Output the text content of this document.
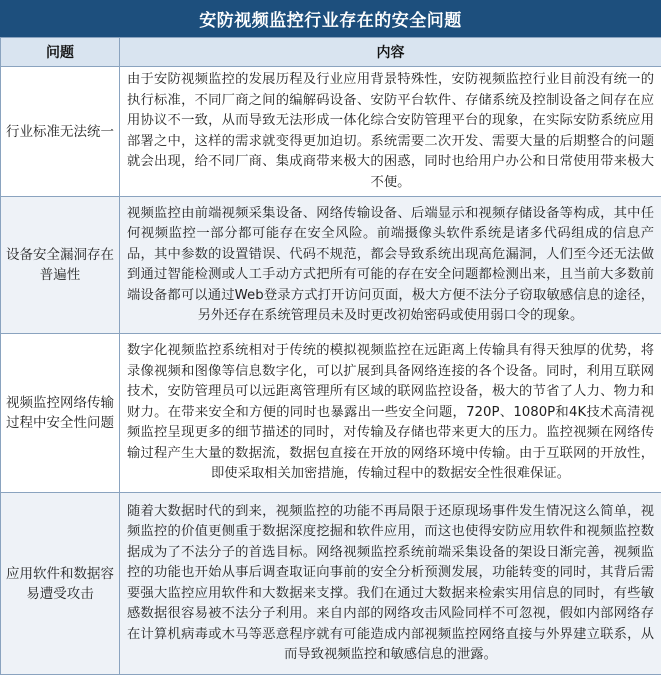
安防视频监控行业存在的安全问题
问题	内容
行业标准无法统一	由于安防视频监控的发展历程及行业应用背景特殊性，安防视频监控行业目前没有统一的执行标准，不同厂商之间的编解码设备、安防平台软件、存储系统及控制设备之间存在应用协议不一致，从而导致无法形成一体化综合安防管理平台的现象，在实际安防系统应用部署之中，这样的需求就变得更加迫切。系统需要二次开发、需要大量的后期整合的问题就会出现，给不同厂商、集成商带来极大的困惑，同时也给用户办公和日常使用带来极大不便。
设备安全漏洞存在普遍性	视频监控由前端视频采集设备、网络传输设备、后端显示和视频存储设备等构成，其中任何视频监控一部分都可能存在安全风险。前端摄像头软件系统是诸多代码组成的信息产品，其中参数的设置错误、代码不规范，都会导致系统出现高危漏洞，人们至今还无法做到通过智能检测或人工手动方式把所有可能的存在安全问题都检测出来，且当前大多数前端设备都可以通过Web登录方式打开访问页面，极大方便不法分子窃取敏感信息的途径，另外还存在系统管理员未及时更改初始密码或使用弱口令的现象。
视频监控网络传输过程中安全性问题	数字化视频监控系统相对于传统的模拟视频监控在远距离上传输具有得天独厚的优势，将录像视频和图像等信息数字化，可以扩展到具备网络连接的各个设备。同时，利用互联网技术，安防管理员可以远距离管理所有区域的联网监控设备，极大的节省了人力、物力和财力。在带来安全和方便的同时也暴露出一些安全问题，720P、1080P和4K技术高清视频监控呈现更多的细节描述的同时，对传输及存储也带来更大的压力。监控视频在网络传输过程产生大量的数据流，数据包直接在开放的网络环境中传输。由于互联网的开放性，即使采取相关加密措施，传输过程中的数据安全性很难保证。
应用软件和数据容易遭受攻击	随着大数据时代的到来，视频监控的功能不再局限于还原现场事件发生情况这么简单，视频监控的价值更侧重于数据深度挖掘和软件应用，而这也使得安防应用软件和视频监控数据成为了不法分子的首选目标。网络视频监控系统前端采集设备的架设日渐完善，视频监控的功能也开始从事后调查取证向事前的安全分析预测发展，功能转变的同时，其背后需要强大监控应用软件和大数据来支撑。我们在通过大数据来检索实用信息的同时，有些敏感数据很容易被不法分子利用。来自内部的网络攻击风险同样不可忽视，假如内部网络存在计算机病毒或木马等恶意程序就有可能造成内部视频监控网络直接与外界建立联系，从而导致视频监控和敏感信息的泄露。
